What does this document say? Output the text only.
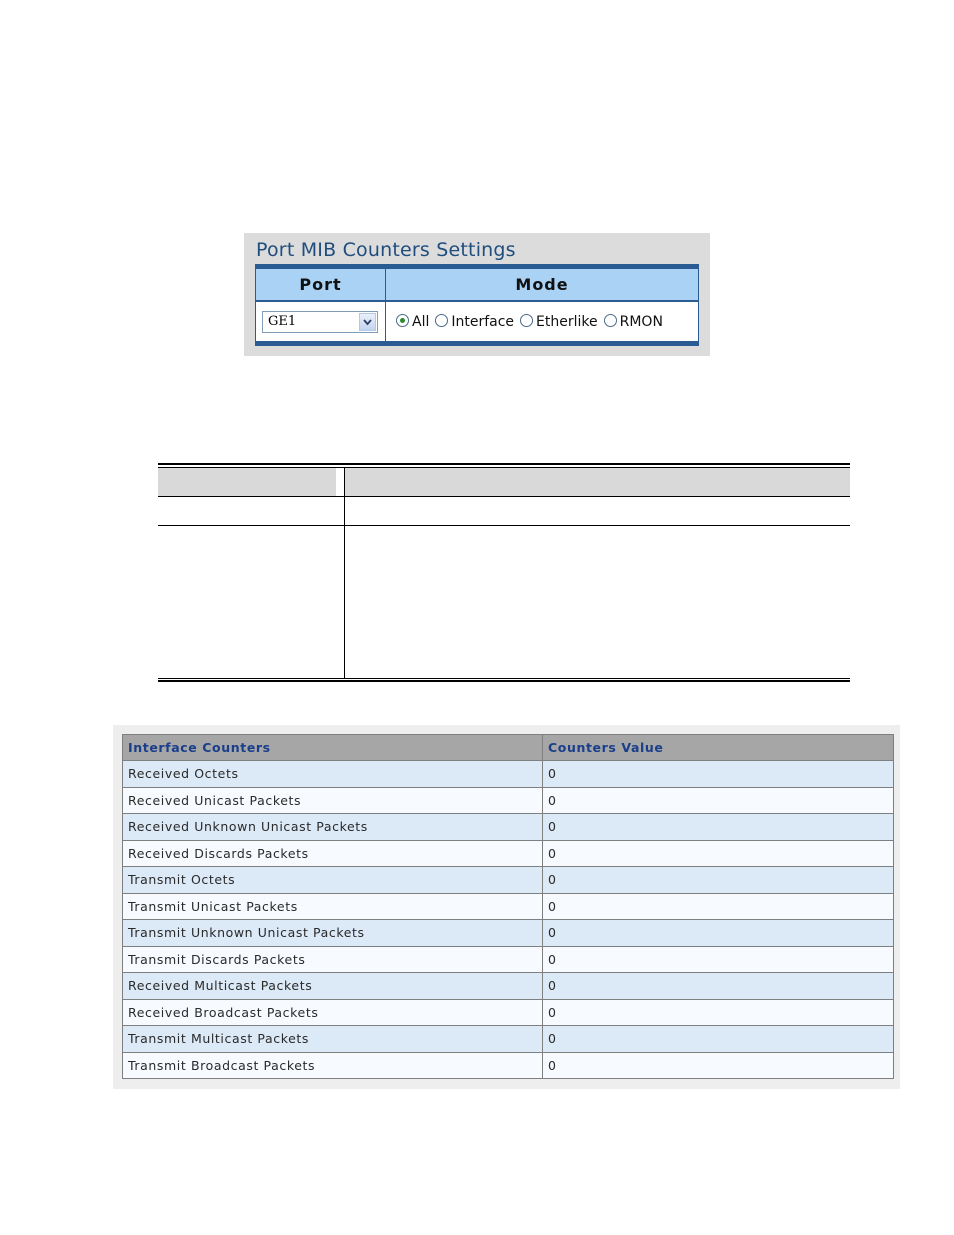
Port MIB Counters Settings
Port	Mode
GE1	All Interface Etherlike RMON
Interface Counters	Counters Value
Received Octets	0
Received Unicast Packets	0
Received Unknown Unicast Packets	0
Received Discards Packets	0
Transmit Octets	0
Transmit Unicast Packets	0
Transmit Unknown Unicast Packets	0
Transmit Discards Packets	0
Received Multicast Packets	0
Received Broadcast Packets	0
Transmit Multicast Packets	0
Transmit Broadcast Packets	0
